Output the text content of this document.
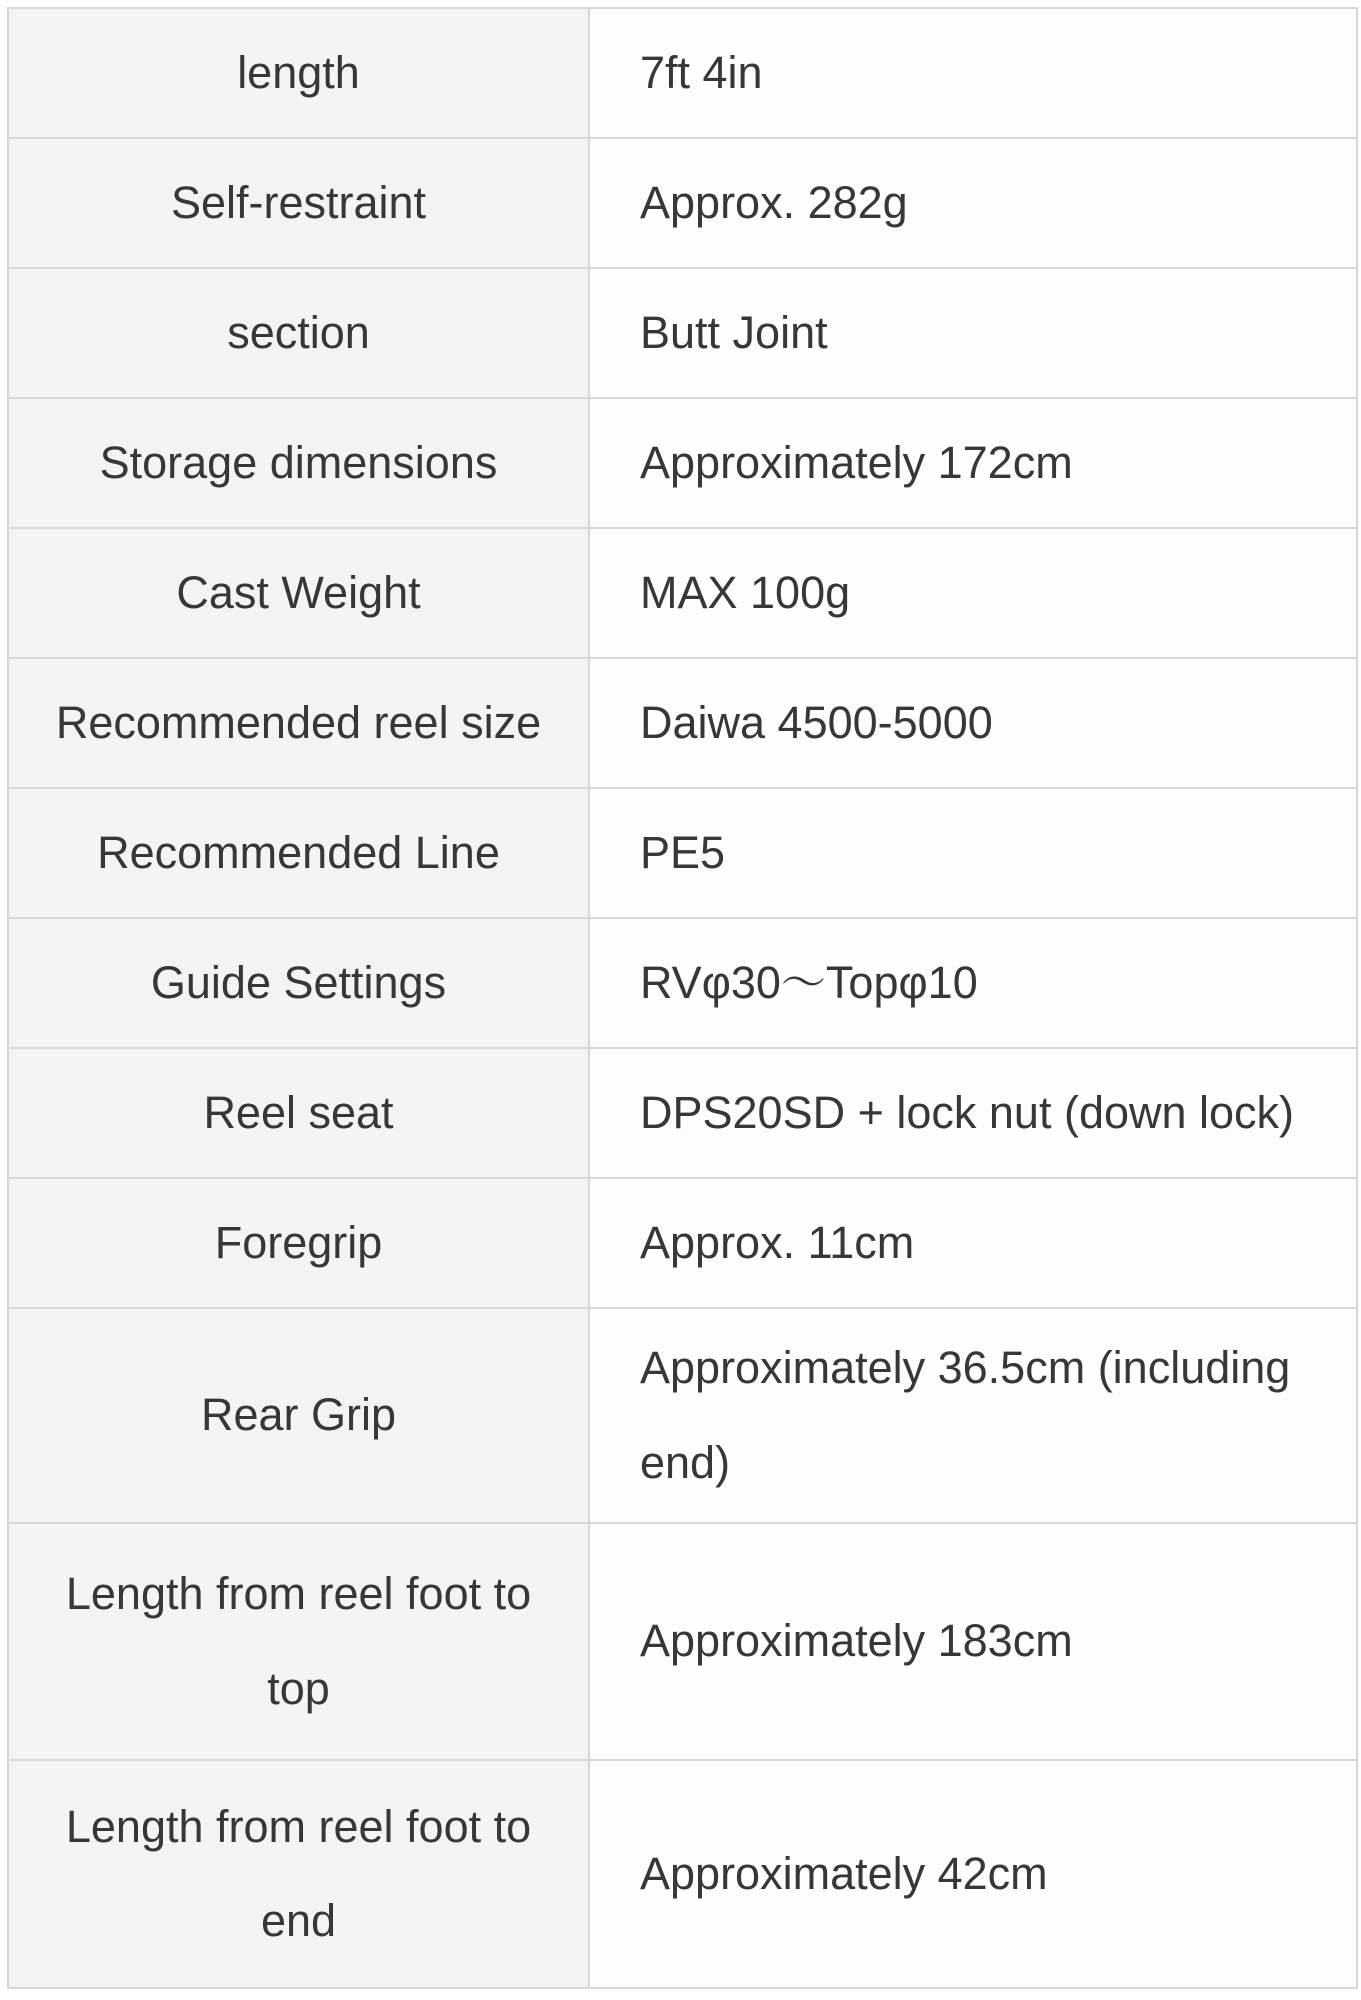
length	7ft 4in
Self-restraint	Approx. 282g
section	Butt Joint
Storage dimensions	Approximately 172cm
Cast Weight	MAX 100g
Recommended reel size	Daiwa 4500-5000
Recommended Line	PE5
Guide Settings	RVφ30～Topφ10
Reel seat	DPS20SD + lock nut (down lock)
Foregrip	Approx. 11cm
Rear Grip	Approximately 36.5cm (including end)
Length from reel foot to top	Approximately 183cm
Length from reel foot to end	Approximately 42cm
